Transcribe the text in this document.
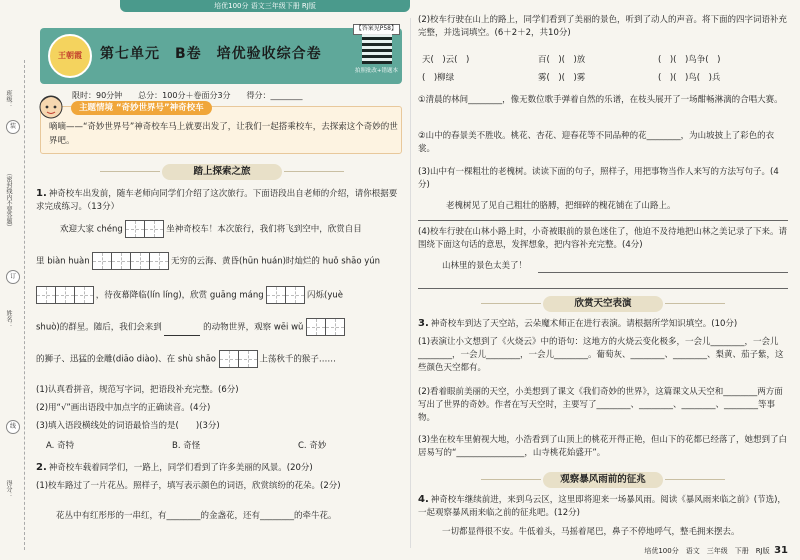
培优100分 语文三年级下册 RJ版
班级：
（密封线内不要答题）
装
订
姓名：
线
得分：
王朝霞	第七单元　B卷　培优验收综合卷
【答案见P58】
拍照批改+错题本
限时：90分钟　　总分：100分＋卷面分3分　　得分：________
主题情境 “奇妙世界号”神奇校车
嘀嘀——“奇妙世界号”神奇校车马上就要出发了，让我们一起搭乘校车，去探索这个奇妙的世界吧。
踏上探索之旅
1. 神奇校车出发前，随车老师向同学们介绍了这次旅行。下面语段出自老师的介绍，请你根据要求完成练习。（13分）
欢迎大家 chéng	坐神奇校车！本次旅行，我们将飞到空中，欣赏自目
里 biàn huàn	无穷的云海、黄昏(hūn huán)时灿烂的 huǒ shāo yún
，待夜幕降临(lín líng)，欣赏 guāng máng	闪烁(yuè
shuò)的群星。随后，我们会来到	的动物世界，观察 wēi wǔ
的狮子、迅猛的金雕(diāo diào)、在 shù shāo	上荡秋千的猴子……
(1)认真看拼音，规范写字词，把语段补充完整。(6分)
(2)用“√”画出语段中加点字的正确读音。(4分)
(3)填入语段横线处的词语最恰当的是(　　)(3分)
A. 奇特	B. 奇怪	C. 奇妙
2. 神奇校车载着同学们，一路上，同学们看到了许多美丽的风景。(20分)
(1)校车路过了一片花丛。照样子，填写表示颜色的词语，欣赏缤纷的花朵。(2分)
花丛中有红彤彤的一串红，有________的金盏花，还有________的牵牛花。
(2)校车行驶在山上的路上，同学们看到了美丽的景色，听到了动人的声音。将下面的四字词语补充完整，并选词填空。(6＋2＋2，共10分)
天(　)云(　)	百(　)(　)放	(　)(　)鸟争(　)
(　)柳绿	雾(　)(　)雾	(　)(　)鸟(　)兵
①清晨的林间________，像无数位歌手弹着自然的乐谱，在枝头展开了一场酣畅淋漓的合唱大赛。
②山中的春景美不胜收。桃花、杏花、迎春花等不同品种的花________，为山坡披上了彩色的衣裳。
(3)山中有一棵粗壮的老槐树。读读下面的句子，照样子，用把事物当作人来写的方法写句子。(4分)
老槐树见了见自己粗壮的胳膊，把细碎的槐花铺在了山路上。
(4)校车行驶在山林小路上时，小奇被眼前的景色迷住了，他迫不及待地把山林之美记录了下来。请围绕下面这句话的意思，发挥想象，把内容补充完整。(4分)
山林里的景色太美了！
欣赏天空表演
3. 神奇校车到达了天空站，云朵魔术师正在进行表演。请根据所学知识填空。(10分)
(1)表演让小文想到了《火烧云》中的语句：这地方的火烧云变化极多，一会儿________，一会儿________，一会儿________，一会儿________。葡萄灰、________、________、梨黄、茄子紫，这些颜色天空都有。
(2)看着眼前美丽的天空，小美想到了课文《我们奇妙的世界》，这篇课文从天空和________两方面写出了世界的奇妙。作者在写天空时，主要写了________、________、________、________等事物。
(3)坐在校车里俯视大地，小浩看到了山顶上的桃花开得正艳，但山下的花都已经落了，她想到了白居易写的“________________，山寺桃花始盛开”。
观察暴风雨前的征兆
4. 神奇校车继续前进，来到乌云区，这里即将迎来一场暴风雨。阅读《暴风雨来临之前》(节选)，一起观察暴风雨来临之前的征兆吧。(12分)
一切都显得很不安。牛低着头，马摇着尾巴，鼻子不停地呼气，整毛拥来摆去。
培优100分　语文　三年级　下册　RJ版 31
